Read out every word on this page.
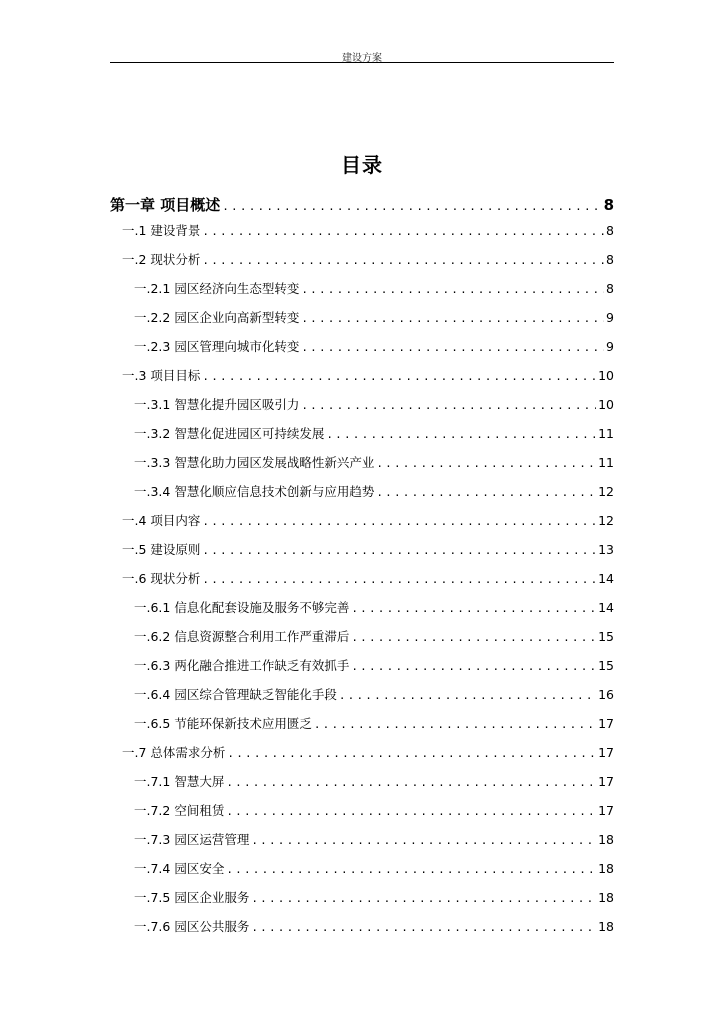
建设方案
目录
第一章 项目概述 .....	8
一.1 建设背景 .....	8
一.2 现状分析 .....	8
一.2.1 园区经济向生态型转变 .....	8
一.2.2 园区企业向高新型转变 .....	9
一.2.3 园区管理向城市化转变 .....	9
一.3 项目目标 .....	10
一.3.1 智慧化提升园区吸引力 .....	10
一.3.2 智慧化促进园区可持续发展 .....	11
一.3.3 智慧化助力园区发展战略性新兴产业 .....	11
一.3.4 智慧化顺应信息技术创新与应用趋势 .....	12
一.4 项目内容 .....	12
一.5 建设原则 .....	13
一.6 现状分析 .....	14
一.6.1 信息化配套设施及服务不够完善 .....	14
一.6.2 信息资源整合利用工作严重滞后 .....	15
一.6.3 两化融合推进工作缺乏有效抓手 .....	15
一.6.4 园区综合管理缺乏智能化手段 .....	16
一.6.5 节能环保新技术应用匮乏 .....	17
一.7 总体需求分析 .....	17
一.7.1 智慧大屏 .....	17
一.7.2 空间租赁 .....	17
一.7.3 园区运营管理 .....	18
一.7.4 园区安全 .....	18
一.7.5 园区企业服务 .....	18
一.7.6 园区公共服务 .....	18
